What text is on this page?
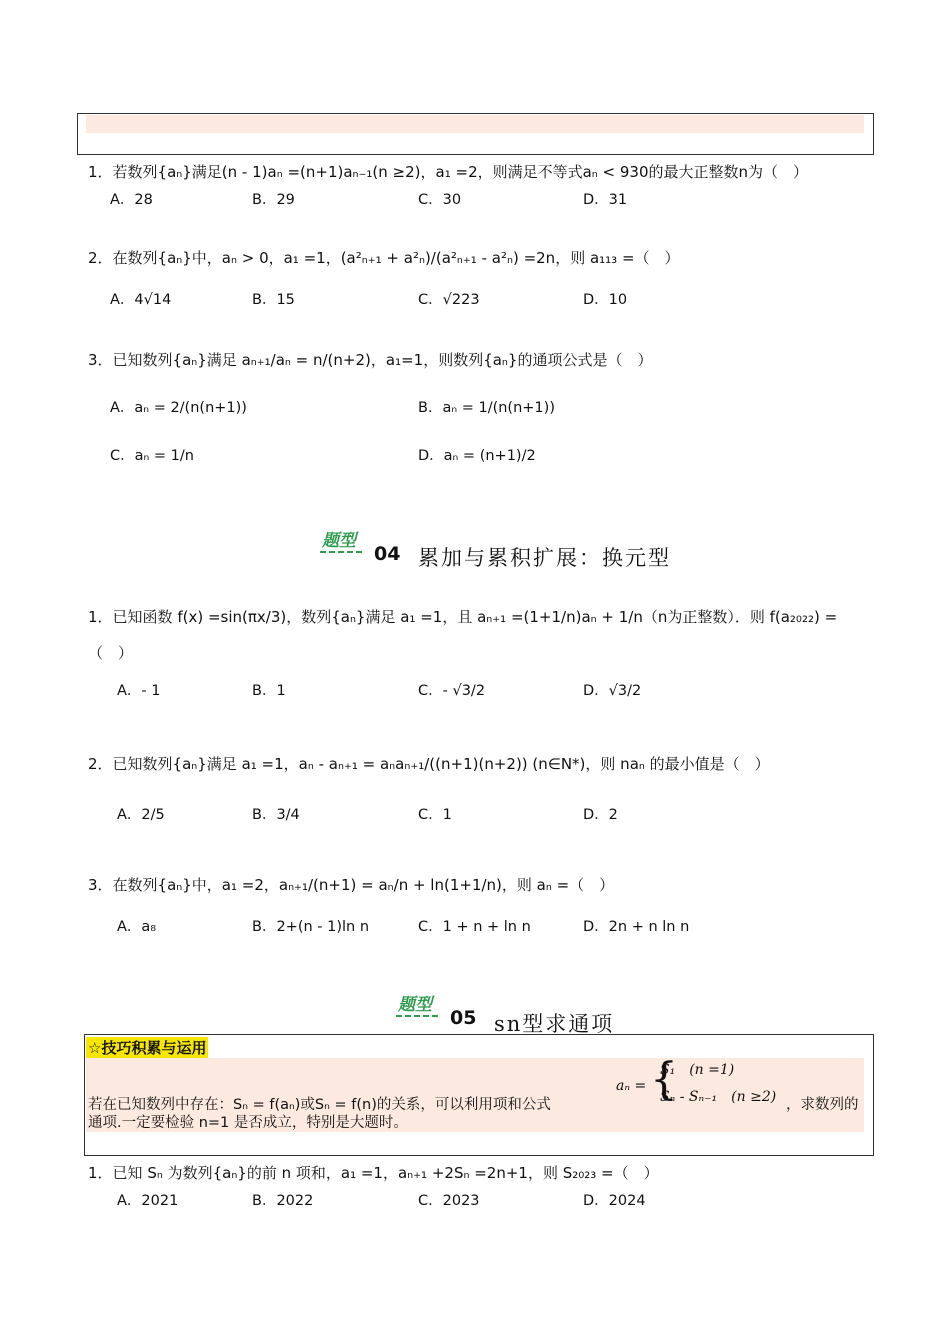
1．若数列{aₙ}满足(n - 1)aₙ =(n+1)aₙ₋₁(n ≥2)，a₁ =2，则满足不等式aₙ < 930的最大正整数n为（　）
A．28	B．29	C．30	D．31
2．在数列{aₙ}中，aₙ > 0，a₁ =1，(a²ₙ₊₁ + a²ₙ)/(a²ₙ₊₁ - a²ₙ) =2n，则 a₁₁₃ =（　）
A．4√14	B．15	C．√223	D．10
3．已知数列{aₙ}满足 aₙ₊₁/aₙ = n/(n+2)，a₁=1，则数列{aₙ}的通项公式是（　）
A．aₙ = 2/(n(n+1))	B．aₙ = 1/(n(n+1))
C．aₙ = 1/n	D．aₙ = (n+1)/2
题型
04 累加与累积扩展：换元型
1．已知函数 f(x) =sin(πx/3)，数列{aₙ}满足 a₁ =1，且 aₙ₊₁ =(1+1/n)aₙ + 1/n（n为正整数）．则 f(a₂₀₂₂) =
（　）
A．- 1	B．1	C．- √3/2	D．√3/2
2．已知数列{aₙ}满足 a₁ =1，aₙ - aₙ₊₁ = aₙaₙ₊₁/((n+1)(n+2)) (n∈N*)，则 naₙ 的最小值是（　）
A．2/5	B．3/4	C．1	D．2
3．在数列{aₙ}中，a₁ =2，aₙ₊₁/(n+1) = aₙ/n + ln(1+1/n)，则 aₙ =（　）
A．a₈	B．2+(n - 1)ln n	C．1 + n + ln n	D．2n + n ln n
题型
05 sn型求通项
☆技巧积累与运用
若在已知数列中存在：Sₙ = f(aₙ)或Sₙ = f(n)的关系，可以利用项和公式
aₙ = {
S₁　(n =1)
Sₙ - Sₙ₋₁　(n ≥2) ，求数列的
通项.一定要检验 n=1 是否成立，特别是大题时。
1．已知 Sₙ 为数列{aₙ}的前 n 项和，a₁ =1，aₙ₊₁ +2Sₙ =2n+1，则 S₂₀₂₃ =（　）
A．2021	B．2022	C．2023	D．2024
